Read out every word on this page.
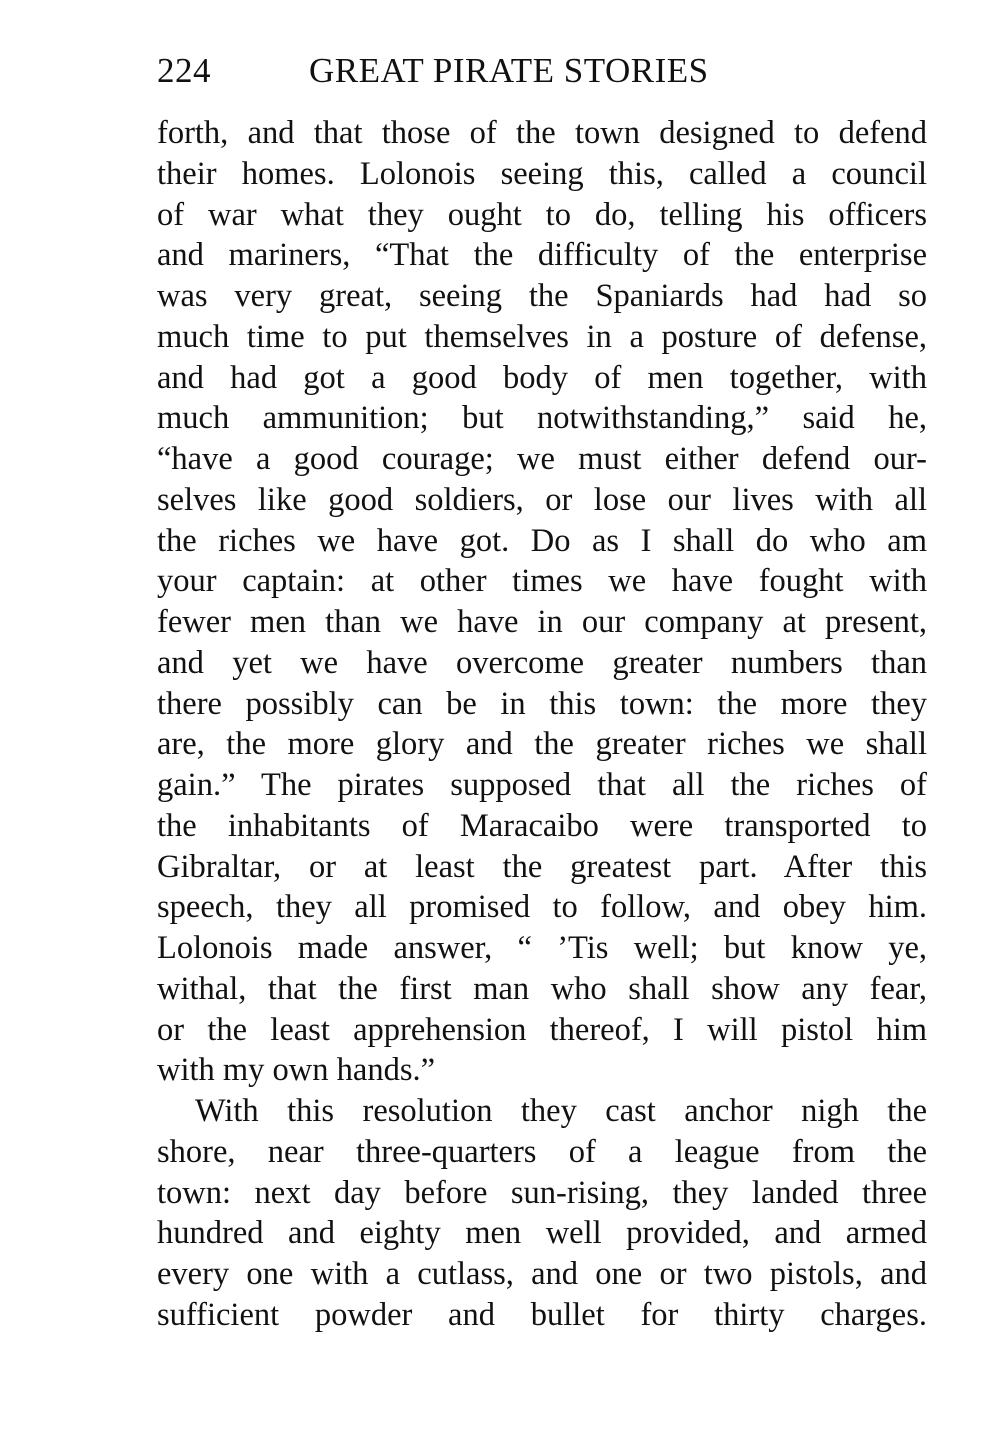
224	GREAT PIRATE STORIES
forth, and that those of the town designed to defend
their homes. Lolonois seeing this, called a council
of war what they ought to do, telling his officers
and mariners, “That the difficulty of the enterprise
was very great, seeing the Spaniards had had so
much time to put themselves in a posture of defense,
and had got a good body of men together, with
much ammunition; but notwithstanding,” said he,
“have a good courage; we must either defend our-
selves like good soldiers, or lose our lives with all
the riches we have got. Do as I shall do who am
your captain: at other times we have fought with
fewer men than we have in our company at present,
and yet we have overcome greater numbers than
there possibly can be in this town: the more they
are, the more glory and the greater riches we shall
gain.” The pirates supposed that all the riches of
the inhabitants of Maracaibo were transported to
Gibraltar, or at least the greatest part. After this
speech, they all promised to follow, and obey him.
Lolonois made answer, “ ’Tis well; but know ye,
withal, that the first man who shall show any fear,
or the least apprehension thereof, I will pistol him
with my own hands.”
With this resolution they cast anchor nigh the
shore, near three-quarters of a league from the
town: next day before sun-rising, they landed three
hundred and eighty men well provided, and armed
every one with a cutlass, and one or two pistols, and
sufficient powder and bullet for thirty charges.
